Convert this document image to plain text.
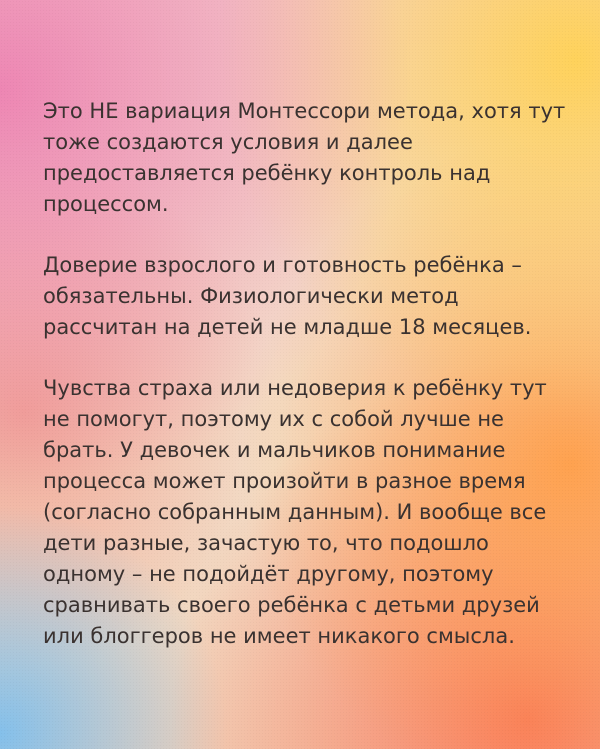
Это НЕ вариация Монтессори метода, хотя тут
тоже создаются условия и далее
предоставляется ребёнку контроль над
процессом.
Доверие взрослого и готовность ребёнка –
обязательны. Физиологически метод
рассчитан на детей не младше 18 месяцев.
Чувства страха или недоверия к ребёнку тут
не помогут, поэтому их с собой лучше не
брать. У девочек и мальчиков понимание
процесса может произойти в разное время
(согласно собранным данным). И вообще все
дети разные, зачастую то, что подошло
одному – не подойдёт другому, поэтому
сравнивать своего ребёнка с детьми друзей
или блоггеров не имеет никакого смысла.
